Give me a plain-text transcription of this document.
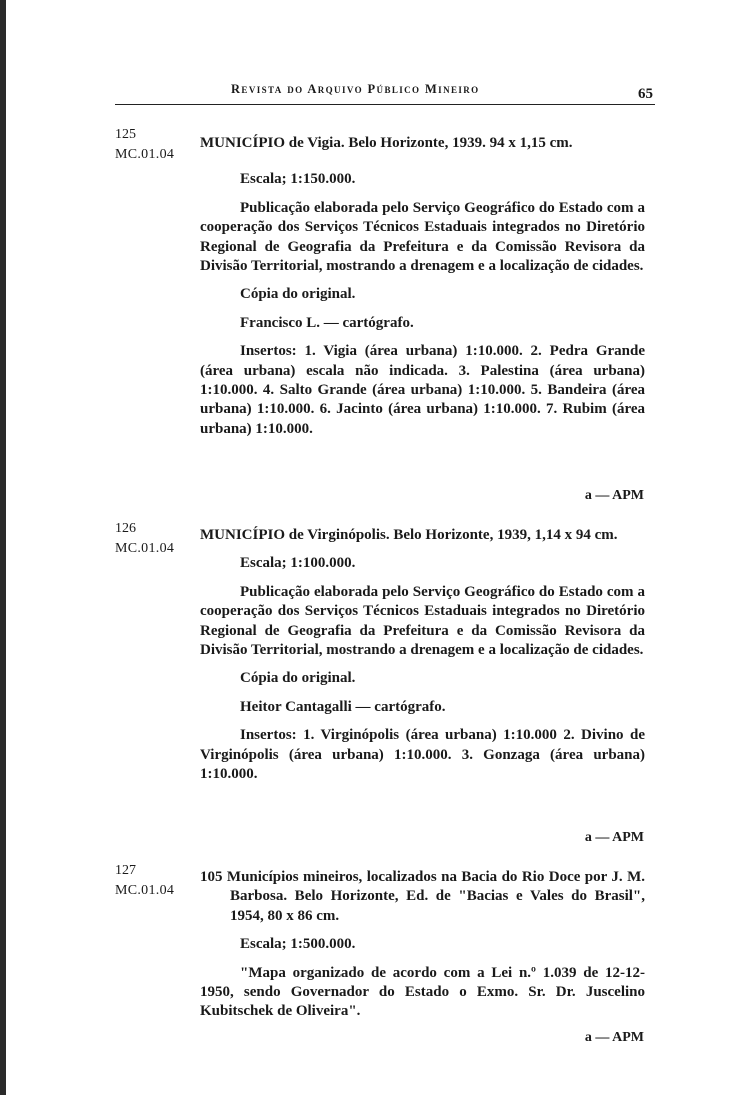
Revista do Arquivo Público Mineiro	65
125
MC.01.04

MUNICÍPIO de Vigia. Belo Horizonte, 1939. 94 x 1,15 cm.

Escala; 1:150.000.

Publicação elaborada pelo Serviço Geográfico do Estado com a cooperação dos Serviços Técnicos Estaduais integrados no Diretório Regional de Geografia da Prefeitura e da Comissão Revisora da Divisão Territorial, mostrando a drenagem e a localização de cidades.

Cópia do original.

Francisco L. — cartógrafo.

Insertos: 1. Vigia (área urbana) 1:10.000. 2. Pedra Grande (área urbana) escala não indicada. 3. Palestina (área urbana) 1:10.000. 4. Salto Grande (área urbana) 1:10.000. 5. Bandeira (área urbana) 1:10.000. 6. Jacinto (área urbana) 1:10.000. 7. Rubim (área urbana) 1:10.000.

a — APM
126
MC.01.04

MUNICÍPIO de Virginópolis. Belo Horizonte, 1939, 1,14 x 94 cm.

Escala; 1:100.000.

Publicação elaborada pelo Serviço Geográfico do Estado com a cooperação dos Serviços Técnicos Estaduais integrados no Diretório Regional de Geografia da Prefeitura e da Comissão Revisora da Divisão Territorial, mostrando a drenagem e a localização de cidades.

Cópia do original.

Heitor Cantagalli — cartógrafo.

Insertos: 1. Virginópolis (área urbana) 1:10.000 2. Divino de Virginópolis (área urbana) 1:10.000. 3. Gonzaga (área urbana) 1:10.000.

a — APM
127
MC.01.04

105 Municípios mineiros, localizados na Bacia do Rio Doce por J. M. Barbosa. Belo Horizonte, Ed. de "Bacias e Vales do Brasil", 1954, 80 x 86 cm.

Escala; 1:500.000.

"Mapa organizado de acordo com a Lei n.º 1.039 de 12-12-1950, sendo Governador do Estado o Exmo. Sr. Dr. Juscelino Kubitschek de Oliveira".

a — APM
